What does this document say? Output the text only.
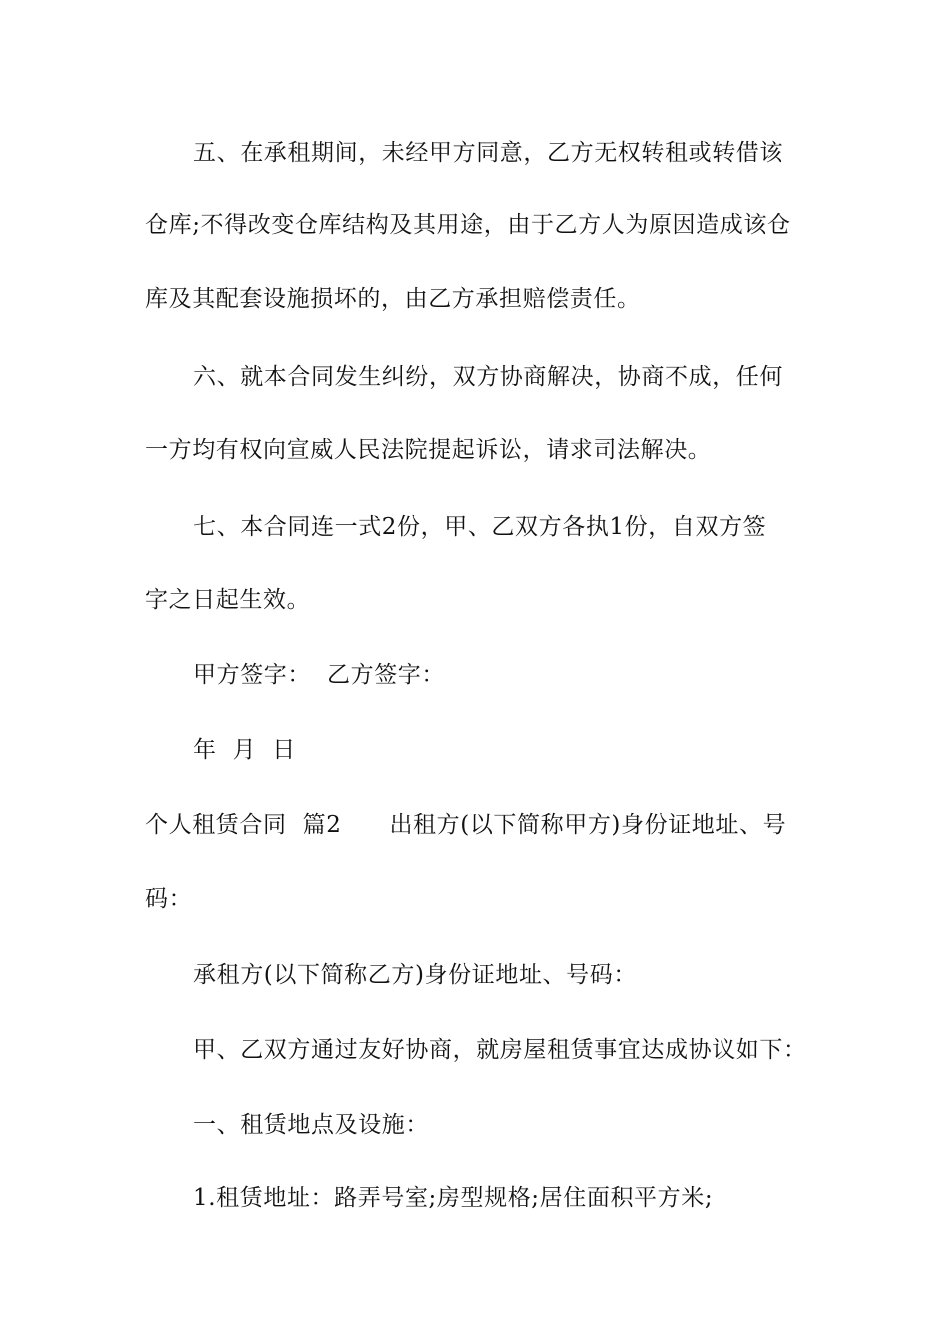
五、在承租期间，未经甲方同意，乙方无权转租或转借该
仓库;不得改变仓库结构及其用途，由于乙方人为原因造成该仓
库及其配套设施损坏的，由乙方承担赔偿责任。
六、就本合同发生纠纷，双方协商解决，协商不成，任何
一方均有权向宣威人民法院提起诉讼，请求司法解决。
七、本合同连一式2份，甲、乙双方各执1份，自双方签
字之日起生效。
甲方签字： 乙方签字：
年 月 日
个人租赁合同 篇2 出租方(以下简称甲方)身份证地址、号
码：
承租方(以下简称乙方)身份证地址、号码：
甲、乙双方通过友好协商，就房屋租赁事宜达成协议如下：
一、租赁地点及设施：
1.租赁地址：路弄号室;房型规格;居住面积平方米;
